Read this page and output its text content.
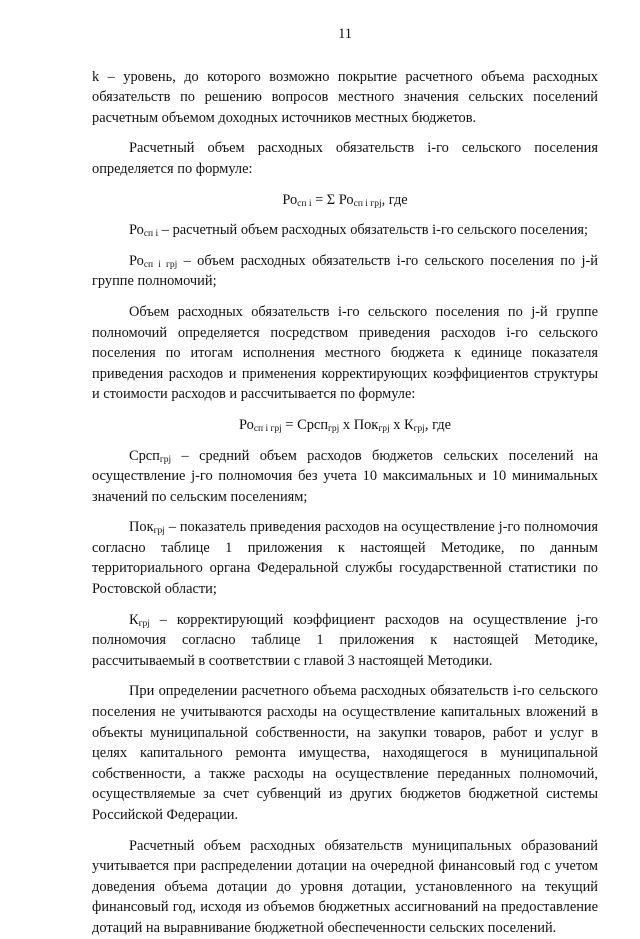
11

k – уровень, до которого возможно покрытие расчетного объема расходных обязательств по решению вопросов местного значения сельских поселений расчетным объемом доходных источников местных бюджетов.

Расчетный объем расходных обязательств i-го сельского поселения определяется по формуле:

$Ро_{сп i} = \Sigma$ $Ро_{сп i грj}$, где

$Ро_{сп i}$ – расчетный объем расходных обязательств i-го сельского поселения;

$Ро_{сп i грj}$ – объем расходных обязательств i-го сельского поселения по j-й группе полномочий;

Объем расходных обязательств i-го сельского поселения по j-й группе полномочий определяется посредством приведения расходов i-го сельского поселения по итогам исполнения местного бюджета к единице показателя приведения расходов и применения корректирующих коэффициентов структуры и стоимости расходов и рассчитывается по формуле:

$Ро_{сп i грj}$ = Срсп$_{грj}$ х Пок$_{грj}$ х $К_{грj}$, где

Срсп$_{грj}$ – средний объем расходов бюджетов сельских поселений на осуществление j-го полномочия без учета 10 максимальных и 10 минимальных значений по сельским поселениям;

Пок$_{грj}$ – показатель приведения расходов на осуществление j-го полномочия согласно таблице 1 приложения к настоящей Методике, по данным территориального органа Федеральной службы государственной статистики по Ростовской области;

$К_{грj}$ – корректирующий коэффициент расходов на осуществление j-го полномочия согласно таблице 1 приложения к настоящей Методике, рассчитываемый в соответствии с главой 3 настоящей Методики.

При определении расчетного объема расходных обязательств i-го сельского поселения не учитываются расходы на осуществление капитальных вложений в объекты муниципальной собственности, на закупки товаров, работ и услуг в целях капитального ремонта имущества, находящегося в муниципальной собственности, а также расходы на осуществление переданных полномочий, осуществляемые за счет субвенций из других бюджетов бюджетной системы Российской Федерации.

Расчетный объем расходных обязательств муниципальных образований учитывается при распределении дотации на очередной финансовый год с учетом доведения объема дотации до уровня дотации, установленного на текущий финансовый год, исходя из объемов бюджетных ассигнований на предоставление дотаций на выравнивание бюджетной обеспеченности сельских поселений.
